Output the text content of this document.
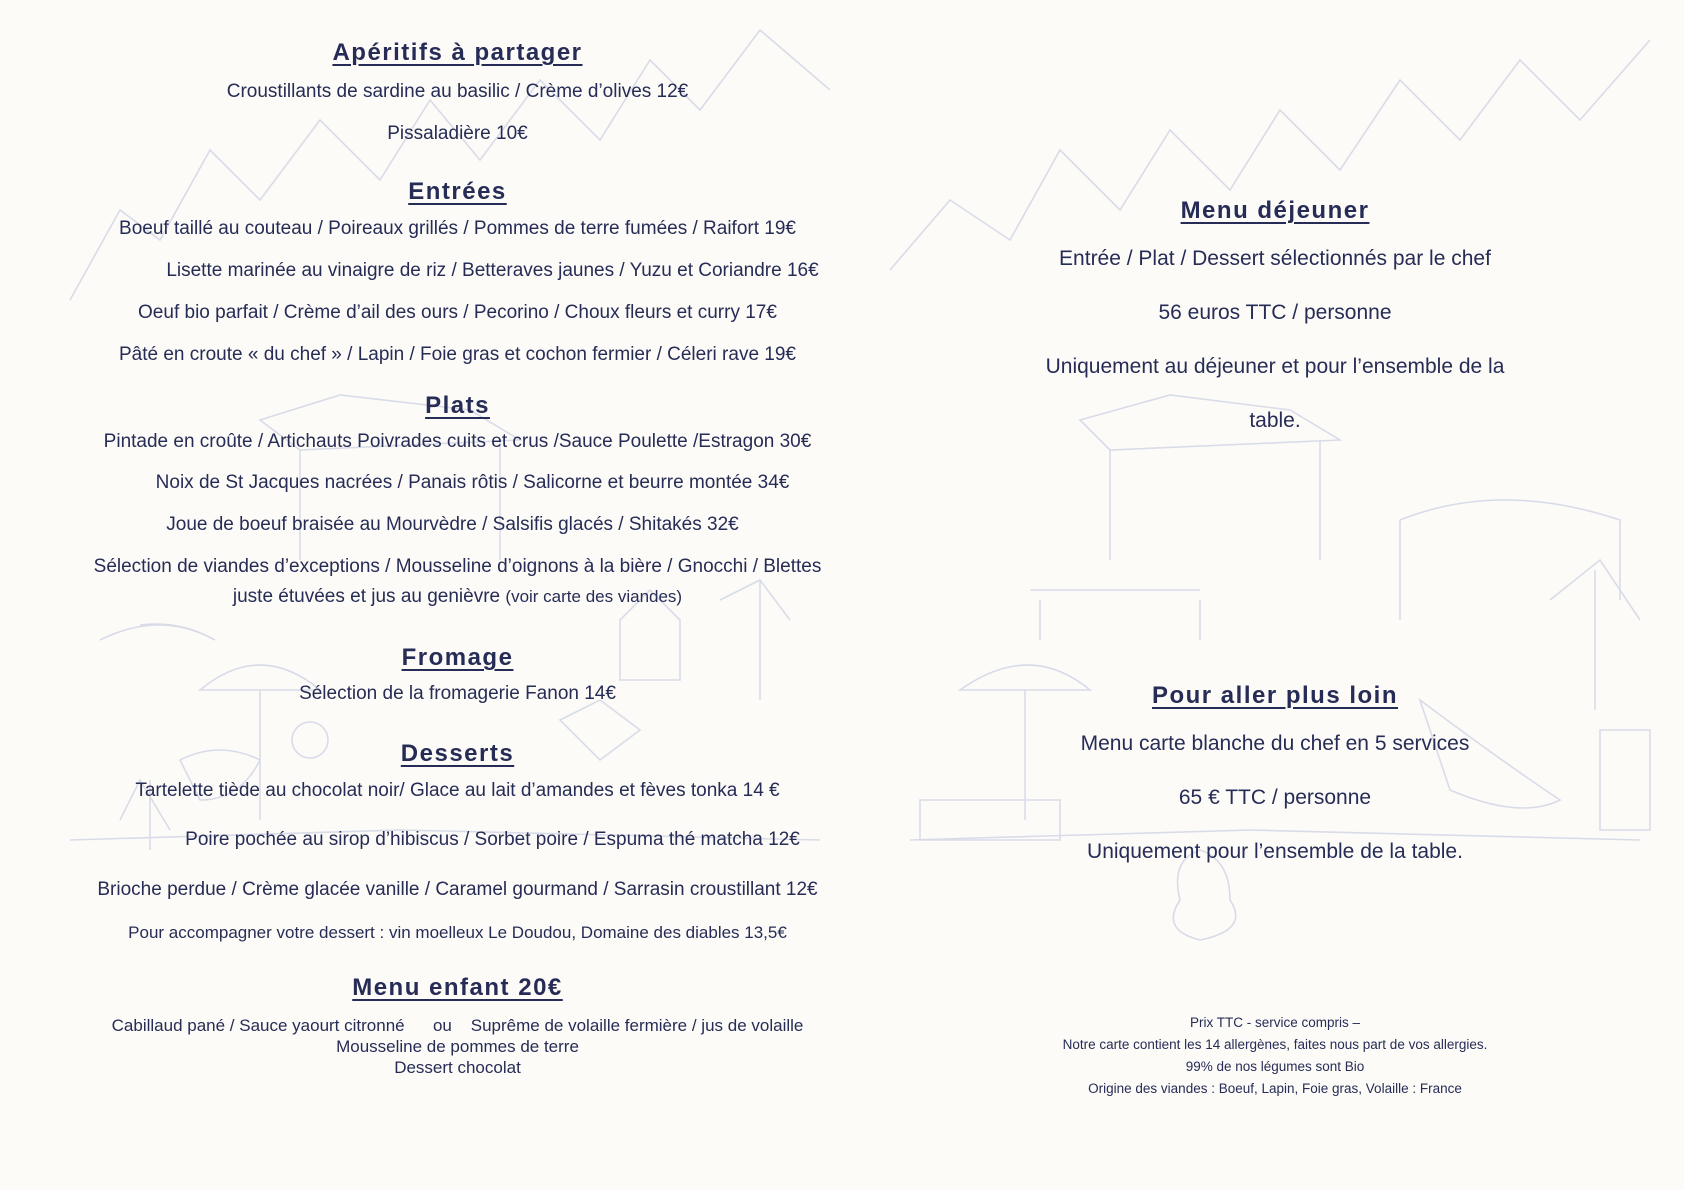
Apéritifs à partager
Croustillants de sardine au basilic / Crème d’olives 12€
Pissaladière 10€
Entrées
Boeuf taillé au couteau / Poireaux grillés / Pommes de terre fumées / Raifort 19€
Lisette marinée au vinaigre de riz / Betteraves jaunes / Yuzu et Coriandre 16€
Oeuf bio parfait / Crème d’ail des ours / Pecorino / Choux fleurs et curry 17€
Pâté en croute « du chef » / Lapin / Foie gras et cochon fermier / Céleri rave 19€
Plats
Pintade en croûte / Artichauts Poivrades cuits et crus /Sauce Poulette /Estragon 30€
Noix de St Jacques nacrées / Panais rôtis / Salicorne et beurre montée 34€
Joue de boeuf braisée au Mourvèdre / Salsifis glacés / Shitakés 32€
Sélection de viandes d’exceptions / Mousseline d’oignons à la bière / Gnocchi / Blettes
juste étuvées et jus au genièvre (voir carte des viandes)
Fromage
Sélection de la fromagerie Fanon 14€
Desserts
Tartelette tiède au chocolat noir/ Glace au lait d’amandes et fèves tonka 14 €
Poire pochée au sirop d’hibiscus / Sorbet poire / Espuma thé matcha 12€
Brioche perdue / Crème glacée vanille / Caramel gourmand / Sarrasin croustillant 12€
Pour accompagner votre dessert : vin moelleux Le Doudou, Domaine des diables 13,5€
Menu enfant 20€
Cabillaud pané / Sauce yaourt citronné      ou    Suprême de volaille fermière / jus de volaille
Mousseline de pommes de terre
Dessert chocolat
Menu déjeuner
Entrée / Plat / Dessert sélectionnés par le chef
56 euros TTC / personne
Uniquement au déjeuner et pour l’ensemble de la
table.
Pour aller plus loin
Menu carte blanche du chef en 5 services
65 € TTC / personne
Uniquement pour l’ensemble de la table.
Prix TTC - service compris –
Notre carte contient les 14 allergènes, faites nous part de vos allergies.
99% de nos légumes sont Bio
Origine des viandes : Boeuf, Lapin, Foie gras, Volaille : France
